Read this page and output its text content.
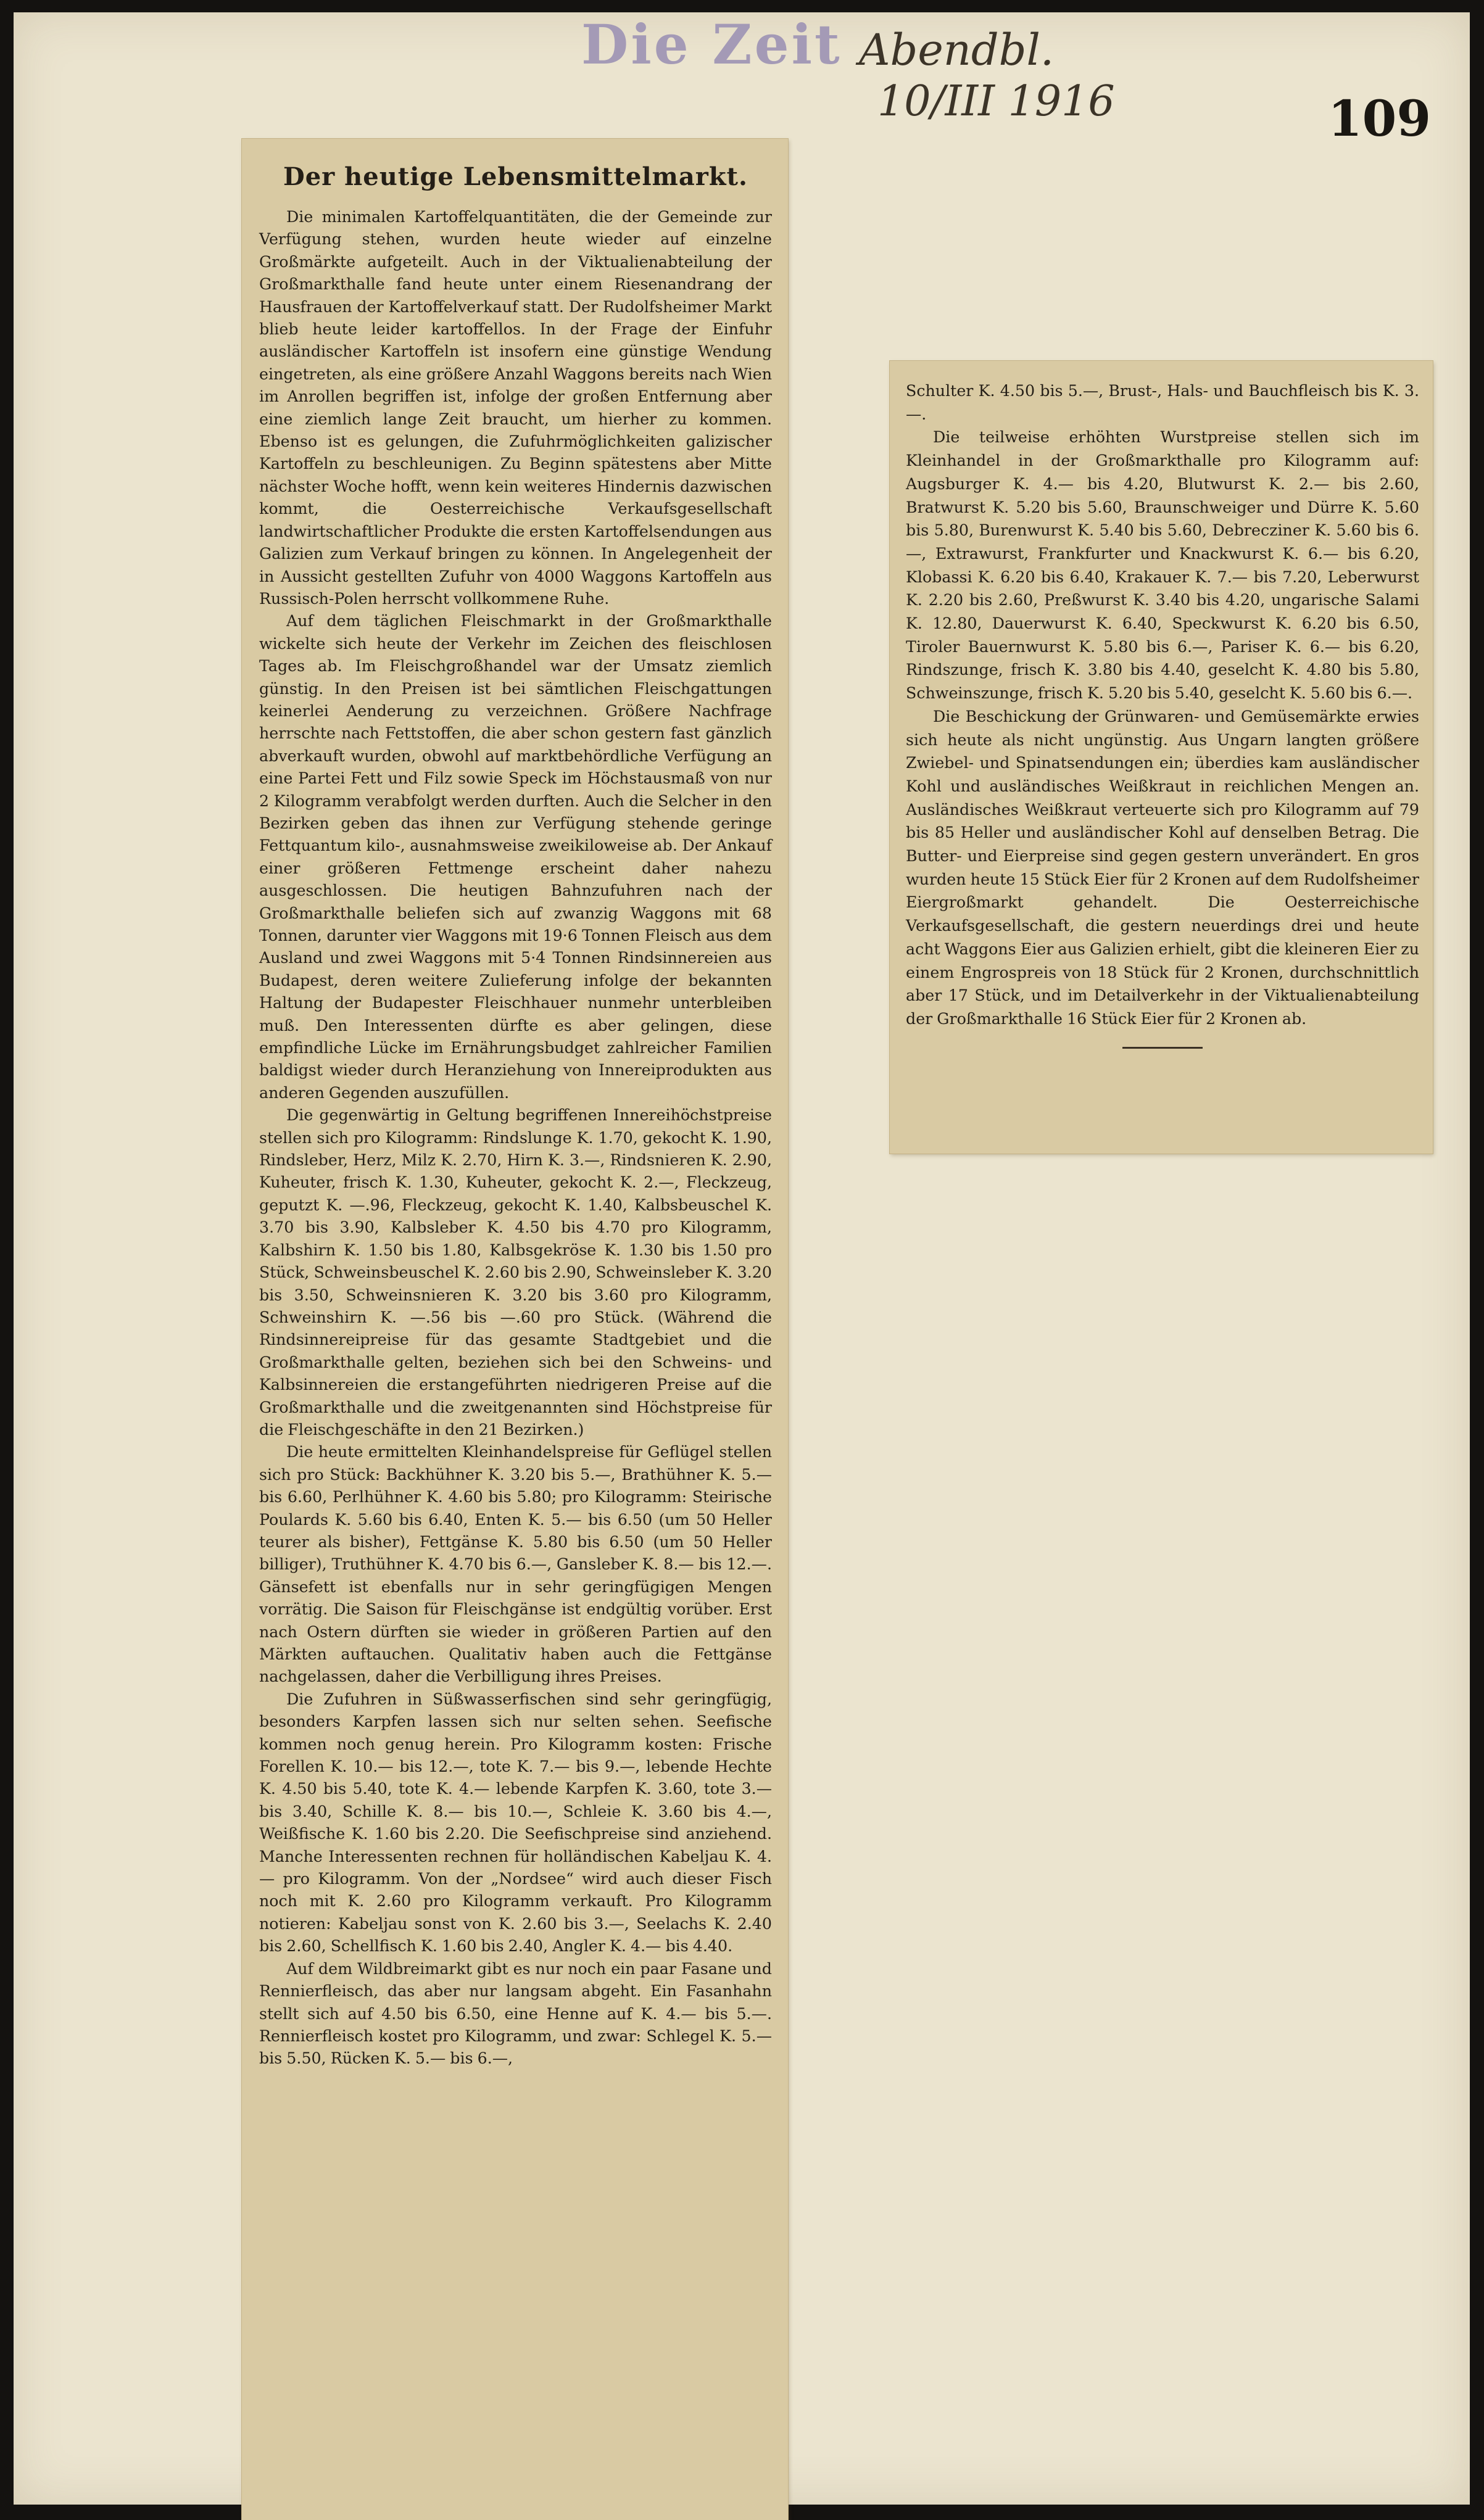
Die Zeit Abendbl.
10/III 1916	109
Der heutige Lebensmittelmarkt.

Die minimalen Kartoffelquantitäten, die der Gemeinde zur Verfügung stehen, wurden heute wieder auf einzelne Großmärkte aufgeteilt. Auch in der Viktualienabteilung der Großmarkthalle fand heute unter einem Riesenandrang der Hausfrauen der Kartoffelverkauf statt. Der Rudolfsheimer Markt blieb heute leider kartoffellos. In der Frage der Einfuhr ausländischer Kartoffeln ist insofern eine günstige Wendung eingetreten, als eine größere Anzahl Waggons bereits nach Wien im Anrollen begriffen ist, infolge der großen Entfernung aber eine ziemlich lange Zeit braucht, um hierher zu kommen. Ebenso ist es gelungen, die Zufuhrmöglichkeiten galizischer Kartoffeln zu beschleunigen. Zu Beginn spätestens aber Mitte nächster Woche hofft, wenn kein weiteres Hindernis dazwischen kommt, die Oesterreichische Verkaufsgesellschaft landwirtschaftlicher Produkte die ersten Kartoffelsendungen aus Galizien zum Verkauf bringen zu können. In Angelegenheit der in Aussicht gestellten Zufuhr von 4000 Waggons Kartoffeln aus Russisch-Polen herrscht vollkommene Ruhe.

Auf dem täglichen Fleischmarkt in der Großmarkthalle wickelte sich heute der Verkehr im Zeichen des fleischlosen Tages ab. Im Fleischgroßhandel war der Umsatz ziemlich günstig. In den Preisen ist bei sämtlichen Fleischgattungen keinerlei Aenderung zu verzeichnen. Größere Nachfrage herrschte nach Fettstoffen, die aber schon gestern fast gänzlich abverkauft wurden, obwohl auf marktbehördliche Verfügung an eine Partei Fett und Filz sowie Speck im Höchstausmaß von nur 2 Kilogramm verabfolgt werden durften. Auch die Selcher in den Bezirken geben das ihnen zur Verfügung stehende geringe Fettquantum kilo-, ausnahmsweise zweikiloweise ab. Der Ankauf einer größeren Fettmenge erscheint daher nahezu ausgeschlossen. Die heutigen Bahnzufuhren nach der Großmarkthalle beliefen sich auf zwanzig Waggons mit 68 Tonnen, darunter vier Waggons mit 19·6 Tonnen Fleisch aus dem Ausland und zwei Waggons mit 5·4 Tonnen Rindsinnereien aus Budapest, deren weitere Zulieferung infolge der bekannten Haltung der Budapester Fleischhauer nunmehr unterbleiben muß. Den Interessenten dürfte es aber gelingen, diese empfindliche Lücke im Ernährungsbudget zahlreicher Familien baldigst wieder durch Heranziehung von Innereiprodukten aus anderen Gegenden auszufüllen.

Die gegenwärtig in Geltung begriffenen Innereihöchstpreise stellen sich pro Kilogramm: Rindslunge K. 1.70, gekocht K. 1.90, Rindsleber, Herz, Milz K. 2.70, Hirn K. 3.—, Rindsnieren K. 2.90, Kuheuter, frisch K. 1.30, Kuheuter, gekocht K. 2.—, Fleckzeug, geputzt K. —.96, Fleckzeug, gekocht K. 1.40, Kalbsbeuschel K. 3.70 bis 3.90, Kalbsleber K. 4.50 bis 4.70 pro Kilogramm, Kalbshirn K. 1.50 bis 1.80, Kalbsgekröse K. 1.30 bis 1.50 pro Stück, Schweinsbeuschel K. 2.60 bis 2.90, Schweinsleber K. 3.20 bis 3.50, Schweinsnieren K. 3.20 bis 3.60 pro Kilogramm, Schweinshirn K. —.56 bis —.60 pro Stück. (Während die Rindsinnereipreise für das gesamte Stadtgebiet und die Großmarkthalle gelten, beziehen sich bei den Schweins- und Kalbsinnereien die erstangeführten niedrigeren Preise auf die Großmarkthalle und die zweitgenannten sind Höchstpreise für die Fleischgeschäfte in den 21 Bezirken.)

Die heute ermittelten Kleinhandelspreise für Geflügel stellen sich pro Stück: Backhühner K. 3.20 bis 5.—, Brathühner K. 5.— bis 6.60, Perlhühner K. 4.60 bis 5.80; pro Kilogramm: Steirische Poulards K. 5.60 bis 6.40, Enten K. 5.— bis 6.50 (um 50 Heller teurer als bisher), Fettgänse K. 5.80 bis 6.50 (um 50 Heller billiger), Truthühner K. 4.70 bis 6.—, Gansleber K. 8.— bis 12.—. Gänsefett ist ebenfalls nur in sehr geringfügigen Mengen vorrätig. Die Saison für Fleischgänse ist endgültig vorüber. Erst nach Ostern dürften sie wieder in größeren Partien auf den Märkten auftauchen. Qualitativ haben auch die Fettgänse nachgelassen, daher die Verbilligung ihres Preises.

Die Zufuhren in Süßwasserfischen sind sehr geringfügig, besonders Karpfen lassen sich nur selten sehen. Seefische kommen noch genug herein. Pro Kilogramm kosten: Frische Forellen K. 10.— bis 12.—, tote K. 7.— bis 9.—, lebende Hechte K. 4.50 bis 5.40, tote K. 4.— lebende Karpfen K. 3.60, tote 3.— bis 3.40, Schille K. 8.— bis 10.—, Schleie K. 3.60 bis 4.—, Weißfische K. 1.60 bis 2.20. Die Seefischpreise sind anziehend. Manche Interessenten rechnen für holländischen Kabeljau K. 4.— pro Kilogramm. Von der „Nordsee“ wird auch dieser Fisch noch mit K. 2.60 pro Kilogramm verkauft. Pro Kilogramm notieren: Kabeljau sonst von K. 2.60 bis 3.—, Seelachs K. 2.40 bis 2.60, Schellfisch K. 1.60 bis 2.40, Angler K. 4.— bis 4.40.

Auf dem Wildbreimarkt gibt es nur noch ein paar Fasane und Rennierfleisch, das aber nur langsam abgeht. Ein Fasanhahn stellt sich auf 4.50 bis 6.50, eine Henne auf K. 4.— bis 5.—. Rennierfleisch kostet pro Kilogramm, und zwar: Schlegel K. 5.— bis 5.50, Rücken K. 5.— bis 6.—,

Schulter K. 4.50 bis 5.—, Brust-, Hals- und Bauchfleisch bis K. 3.—.

Die teilweise erhöhten Wurstpreise stellen sich im Kleinhandel in der Großmarkthalle pro Kilogramm auf: Augsburger K. 4.— bis 4.20, Blutwurst K. 2.— bis 2.60, Bratwurst K. 5.20 bis 5.60, Braunschweiger und Dürre K. 5.60 bis 5.80, Burenwurst K. 5.40 bis 5.60, Debrecziner K. 5.60 bis 6.—, Extrawurst, Frankfurter und Knackwurst K. 6.— bis 6.20, Klobassi K. 6.20 bis 6.40, Krakauer K. 7.— bis 7.20, Leberwurst K. 2.20 bis 2.60, Preßwurst K. 3.40 bis 4.20, ungarische Salami K. 12.80, Dauerwurst K. 6.40, Speckwurst K. 6.20 bis 6.50, Tiroler Bauernwurst K. 5.80 bis 6.—, Pariser K. 6.— bis 6.20, Rindszunge, frisch K. 3.80 bis 4.40, geselcht K. 4.80 bis 5.80, Schweinszunge, frisch K. 5.20 bis 5.40, geselcht K. 5.60 bis 6.—.

Die Beschickung der Grünwaren- und Gemüsemärkte erwies sich heute als nicht ungünstig. Aus Ungarn langten größere Zwiebel- und Spinatsendungen ein; überdies kam ausländischer Kohl und ausländisches Weißkraut in reichlichen Mengen an. Ausländisches Weißkraut verteuerte sich pro Kilogramm auf 79 bis 85 Heller und ausländischer Kohl auf denselben Betrag. Die Butter- und Eierpreise sind gegen gestern unverändert. En gros wurden heute 15 Stück Eier für 2 Kronen auf dem Rudolfsheimer Eiergroßmarkt gehandelt. Die Oesterreichische Verkaufsgesellschaft, die gestern neuerdings drei und heute acht Waggons Eier aus Galizien erhielt, gibt die kleineren Eier zu einem Engrospreis von 18 Stück für 2 Kronen, durchschnittlich aber 17 Stück, und im Detailverkehr in der Viktualienabteilung der Großmarkthalle 16 Stück Eier für 2 Kronen ab.
